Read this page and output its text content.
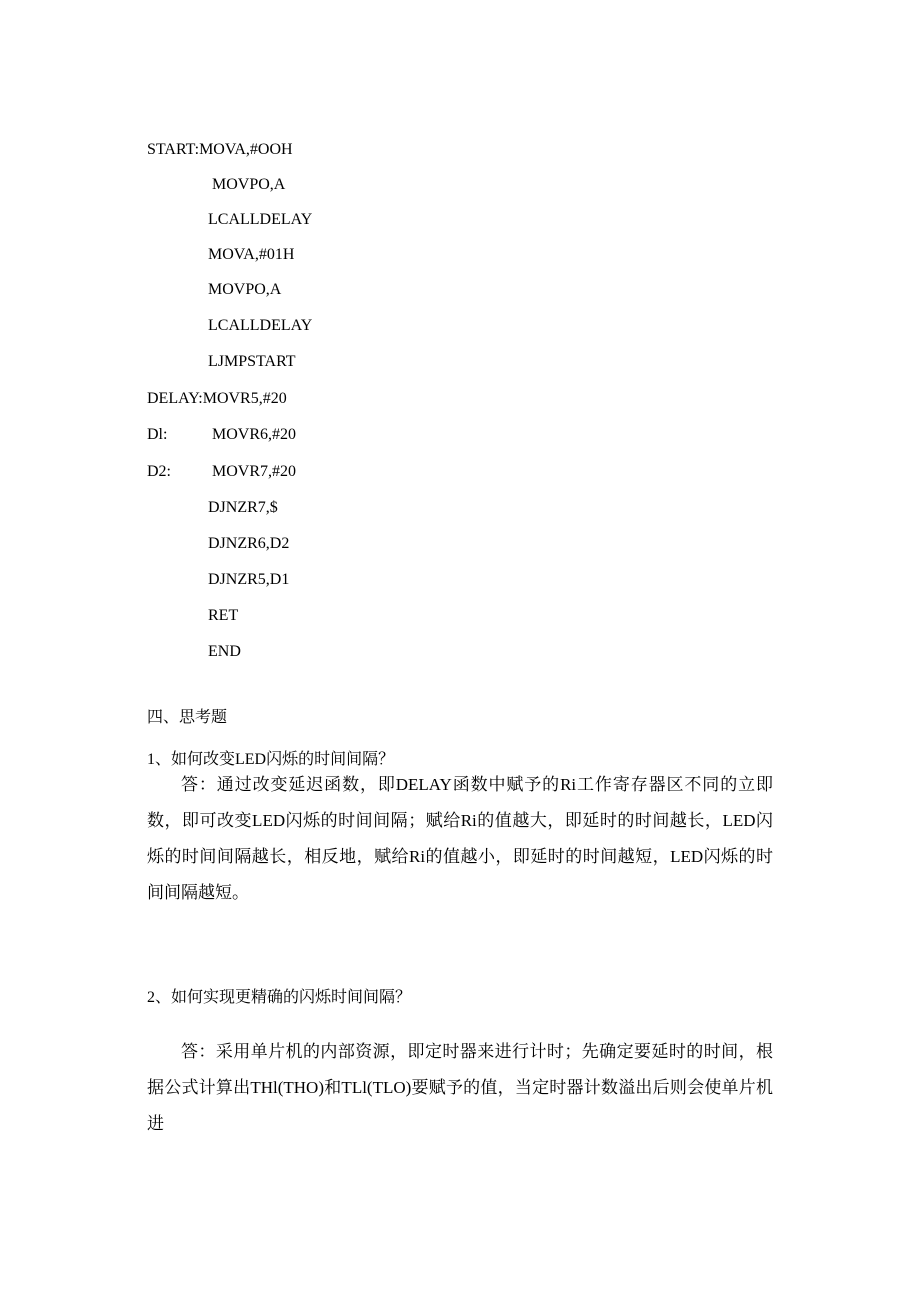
START:MOVA,#OOH
MOVPO,A
LCALLDELAY
MOVA,#01H
MOVPO,A
LCALLDELAY
LJMPSTART
DELAY:MOVR5,#20
Dl:	MOVR6,#20
D2:	MOVR7,#20
DJNZR7,$
DJNZR6,D2
DJNZR5,D1
RET
END
四、思考题
1、如何改变LED闪烁的时间间隔？
答：通过改变延迟函数，即DELAY函数中赋予的Ri工作寄存器区不同的立即数，即可改变LED闪烁的时间间隔；赋给Ri的值越大，即延时的时间越长，LED闪烁的时间间隔越长，相反地，赋给Ri的值越小，即延时的时间越短，LED闪烁的时间间隔越短。
2、如何实现更精确的闪烁时间间隔？
答：采用单片机的内部资源，即定时器来进行计时；先确定要延时的时间，根据公式计算出THl(THO)和TLl(TLO)要赋予的值，当定时器计数溢出后则会使单片机进
